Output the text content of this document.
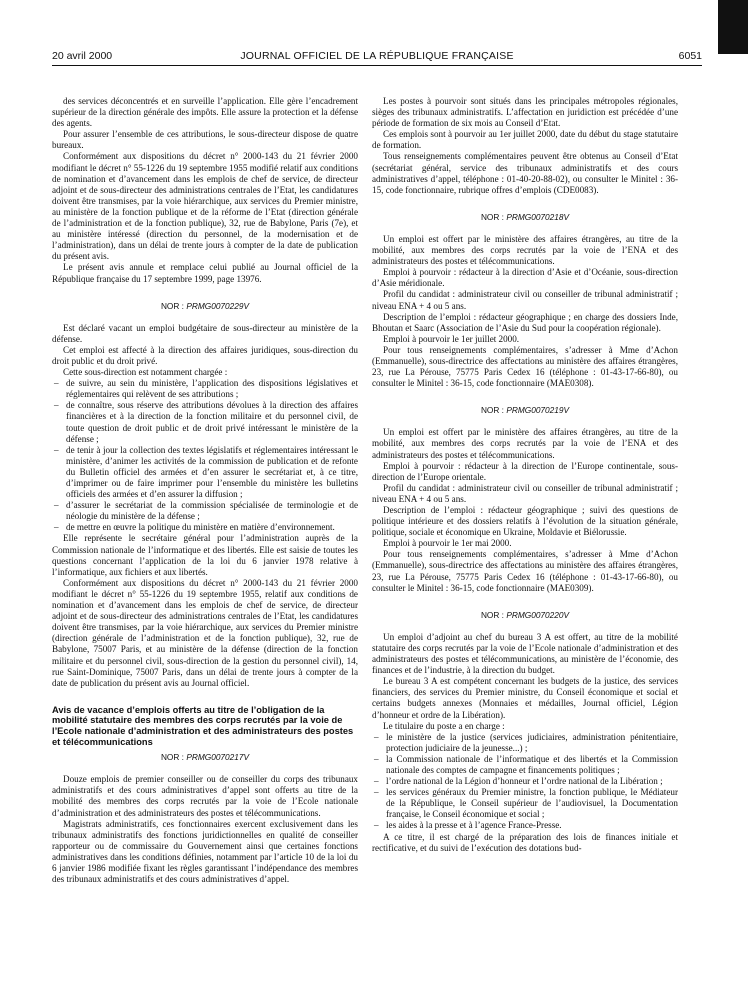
20 avril 2000	JOURNAL OFFICIEL DE LA RÉPUBLIQUE FRANÇAISE	6051

des services déconcentrés et en surveille l’application. Elle gère l’encadrement supérieur de la direction générale des impôts. Elle assure la protection et la défense des agents.

Pour assurer l’ensemble de ces attributions, le sous-directeur dispose de quatre bureaux.

Conformément aux dispositions du décret n° 2000-143 du 21 février 2000 modifiant le décret n° 55-1226 du 19 septembre 1955 modifié relatif aux conditions de nomination et d’avancement dans les emplois de chef de service, de directeur adjoint et de sous-directeur des administrations centrales de l’Etat, les candidatures doivent être transmises, par la voie hiérarchique, aux services du Premier ministre, au ministère de la fonction publique et de la réforme de l’Etat (direction générale de l’administration et de la fonction publique), 32, rue de Babylone, Paris (7e), et au ministère intéressé (direction du personnel, de la modernisation et de l’administration), dans un délai de trente jours à compter de la date de publication du présent avis.

Le présent avis annule et remplace celui publié au Journal officiel de la République française du 17 septembre 1999, page 13976.

NOR : PRMG0070229V

Est déclaré vacant un emploi budgétaire de sous-directeur au ministère de la défense.

Cet emploi est affecté à la direction des affaires juridiques, sous-direction du droit public et du droit privé.

Cette sous-direction est notamment chargée :

– de suivre, au sein du ministère, l’application des dispositions législatives et réglementaires qui relèvent de ses attributions ;
– de connaître, sous réserve des attributions dévolues à la direction des affaires financières et à la direction de la fonction militaire et du personnel civil, de toute question de droit public et de droit privé intéressant le ministère de la défense ;
– de tenir à jour la collection des textes législatifs et réglementaires intéressant le ministère, d’animer les activités de la commission de publication et de refonte du Bulletin officiel des armées et d’en assurer le secrétariat et, à ce titre, d’imprimer ou de faire imprimer pour l’ensemble du ministère les bulletins officiels des armées et d’en assurer la diffusion ;
– d’assurer le secrétariat de la commission spécialisée de terminologie et de néologie du ministère de la défense ;
– de mettre en œuvre la politique du ministère en matière d’environnement.

Elle représente le secrétaire général pour l’administration auprès de la Commission nationale de l’informatique et des libertés. Elle est saisie de toutes les questions concernant l’application de la loi du 6 janvier 1978 relative à l’informatique, aux fichiers et aux libertés.

Conformément aux dispositions du décret n° 2000-143 du 21 février 2000 modifiant le décret n° 55-1226 du 19 septembre 1955, relatif aux conditions de nomination et d’avancement dans les emplois de chef de service, de directeur adjoint et de sous-directeur des administrations centrales de l’Etat, les candidatures doivent être transmises, par la voie hiérarchique, aux services du Premier ministre (direction générale de l’administration et de la fonction publique), 32, rue de Babylone, 75007 Paris, et au ministère de la défense (direction de la fonction militaire et du personnel civil, sous-direction de la gestion du personnel civil), 14, rue Saint-Dominique, 75007 Paris, dans un délai de trente jours à compter de la date de publication du présent avis au Journal officiel.

Avis de vacance d’emplois offerts au titre de l’obligation de la mobilité statutaire des membres des corps recrutés par la voie de l’Ecole nationale d’administration et des administrateurs des postes et télécommunications

NOR : PRMG0070217V

Douze emplois de premier conseiller ou de conseiller du corps des tribunaux administratifs et des cours administratives d’appel sont offerts au titre de la mobilité des membres des corps recrutés par la voie de l’Ecole nationale d’administration et des administrateurs des postes et télécommunications.

Magistrats administratifs, ces fonctionnaires exercent exclusivement dans les tribunaux administratifs des fonctions juridictionnelles en qualité de conseiller rapporteur ou de commissaire du Gouvernement ainsi que certaines fonctions administratives dans les conditions définies, notamment par l’article 10 de la loi du 6 janvier 1986 modifiée fixant les règles garantissant l’indépendance des membres des tribunaux administratifs et des cours administratives d’appel.

Les postes à pourvoir sont situés dans les principales métropoles régionales, sièges des tribunaux administratifs. L’affectation en juridiction est précédée d’une période de formation de six mois au Conseil d’Etat.

Ces emplois sont à pourvoir au 1er juillet 2000, date du début du stage statutaire de formation.

Tous renseignements complémentaires peuvent être obtenus au Conseil d’Etat (secrétariat général, service des tribunaux administratifs et des cours administratives d’appel, téléphone : 01-40-20-88-02), ou consulter le Minitel : 36-15, code fonctionnaire, rubrique offres d’emplois (CDE0083).

NOR : PRMG0070218V

Un emploi est offert par le ministère des affaires étrangères, au titre de la mobilité, aux membres des corps recrutés par la voie de l’ENA et des administrateurs des postes et télécommunications.

Emploi à pourvoir : rédacteur à la direction d’Asie et d’Océanie, sous-direction d’Asie méridionale.

Profil du candidat : administrateur civil ou conseiller de tribunal administratif ; niveau ENA + 4 ou 5 ans.

Description de l’emploi : rédacteur géographique ; en charge des dossiers Inde, Bhoutan et Saarc (Association de l’Asie du Sud pour la coopération régionale).

Emploi à pourvoir le 1er juillet 2000.

Pour tous renseignements complémentaires, s’adresser à Mme d’Achon (Emmanuelle), sous-directrice des affectations au ministère des affaires étrangères, 23, rue La Pérouse, 75775 Paris Cedex 16 (téléphone : 01-43-17-66-80), ou consulter le Minitel : 36-15, code fonctionnaire (MAE0308).

NOR : PRMG0070219V

Un emploi est offert par le ministère des affaires étrangères, au titre de la mobilité, aux membres des corps recrutés par la voie de l’ENA et des administrateurs des postes et télécommunications.

Emploi à pourvoir : rédacteur à la direction de l’Europe continentale, sous-direction de l’Europe orientale.

Profil du candidat : administrateur civil ou conseiller de tribunal administratif ; niveau ENA + 4 ou 5 ans.

Description de l’emploi : rédacteur géographique ; suivi des questions de politique intérieure et des dossiers relatifs à l’évolution de la situation générale, politique, sociale et économique en Ukraine, Moldavie et Biélorussie.

Emploi à pourvoir le 1er mai 2000.

Pour tous renseignements complémentaires, s’adresser à Mme d’Achon (Emmanuelle), sous-directrice des affectations au ministère des affaires étrangères, 23, rue La Pérouse, 75775 Paris Cedex 16 (téléphone : 01-43-17-66-80), ou consulter le Minitel : 36-15, code fonctionnaire (MAE0309).

NOR : PRMG0070220V

Un emploi d’adjoint au chef du bureau 3 A est offert, au titre de la mobilité statutaire des corps recrutés par la voie de l’Ecole nationale d’administration et des administrateurs des postes et télécommunications, au ministère de l’économie, des finances et de l’industrie, à la direction du budget.

Le bureau 3 A est compétent concernant les budgets de la justice, des services financiers, des services du Premier ministre, du Conseil économique et social et certains budgets annexes (Monnaies et médailles, Journal officiel, Légion d’honneur et ordre de la Libération).

Le titulaire du poste a en charge :

– le ministère de la justice (services judiciaires, administration pénitentiaire, protection judiciaire de la jeunesse...) ;
– la Commission nationale de l’informatique et des libertés et la Commission nationale des comptes de campagne et financements politiques ;
– l’ordre national de la Légion d’honneur et l’ordre national de la Libération ;
– les services généraux du Premier ministre, la fonction publique, le Médiateur de la République, le Conseil supérieur de l’audiovisuel, la Documentation française, le Conseil économique et social ;
– les aides à la presse et à l’agence France-Presse.

A ce titre, il est chargé de la préparation des lois de finances initiale et rectificative, et du suivi de l’exécution des dotations bud-
